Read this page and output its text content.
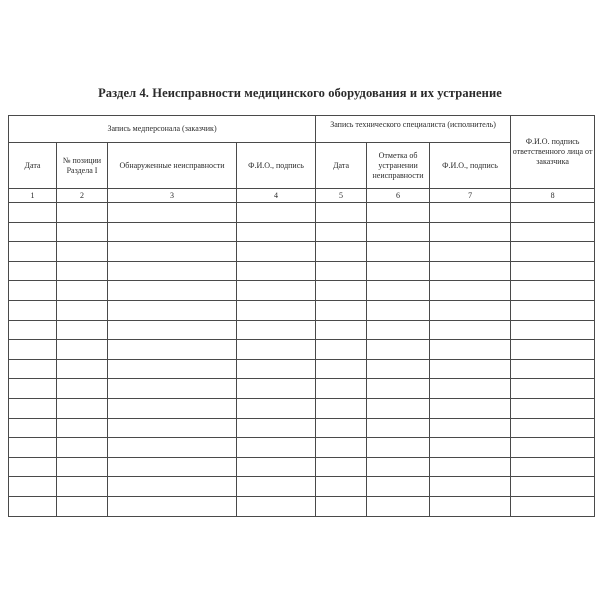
Раздел 4. Неисправности медицинского оборудования и их устранение
Запись медперсонала (заказчик)				Запись технического специалиста (исполнитель)			Ф.И.О. подпись ответственного лица от заказчика
Дата	№ позиции Раздела I	Обнаруженные неисправности	Ф.И.О., подпись	Дата	Отметка об устранении неисправности	Ф.И.О., подпись	
1	2	3	4	5	6	7	8
